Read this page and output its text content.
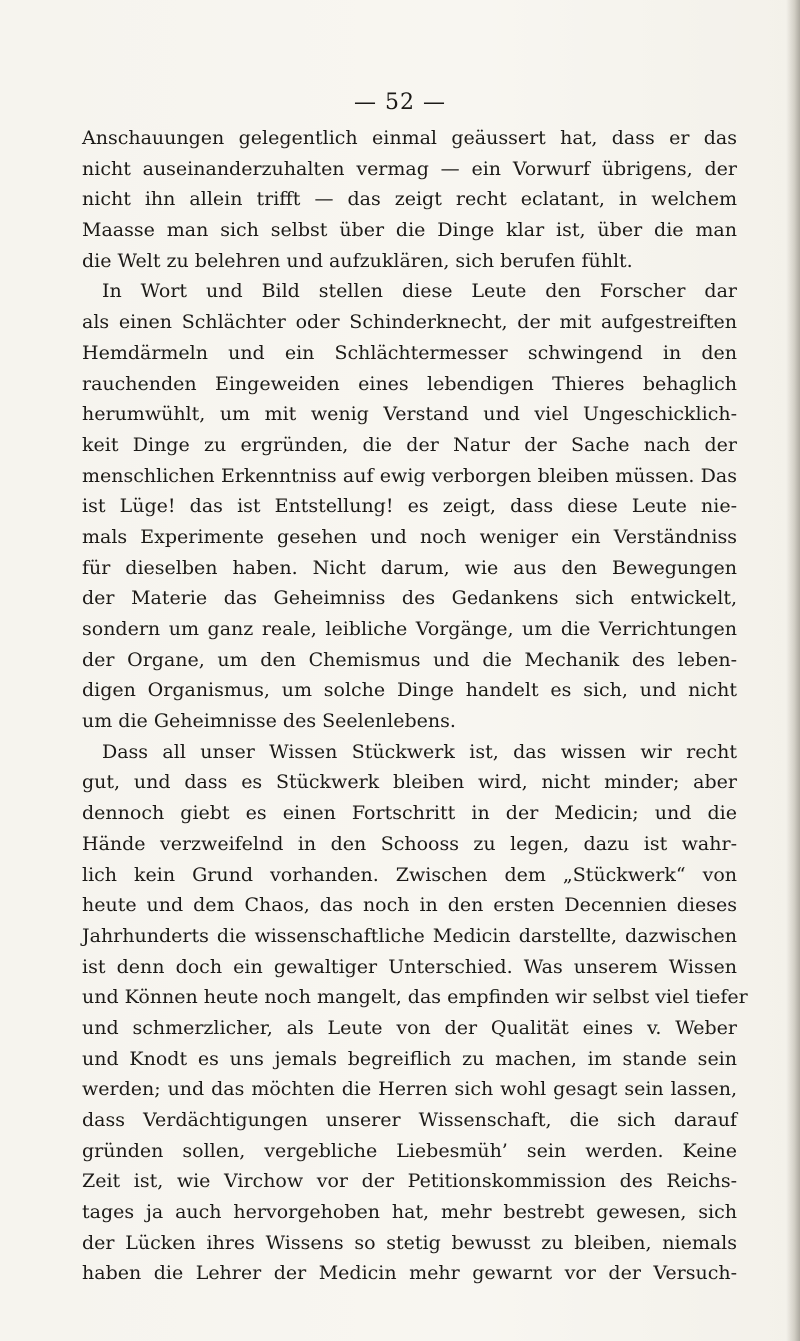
— 52 —
Anschauungen gelegentlich einmal geäussert hat, dass er das
nicht auseinanderzuhalten vermag — ein Vorwurf übrigens, der
nicht ihn allein trifft — das zeigt recht eclatant, in welchem
Maasse man sich selbst über die Dinge klar ist, über die man
die Welt zu belehren und aufzuklären, sich berufen fühlt.
In Wort und Bild stellen diese Leute den Forscher dar
als einen Schlächter oder Schinderknecht, der mit aufgestreiften
Hemdärmeln und ein Schlächtermesser schwingend in den
rauchenden Eingeweiden eines lebendigen Thieres behaglich
herumwühlt, um mit wenig Verstand und viel Ungeschicklich-
keit Dinge zu ergründen, die der Natur der Sache nach der
menschlichen Erkenntniss auf ewig verborgen bleiben müssen. Das
ist Lüge! das ist Entstellung! es zeigt, dass diese Leute nie-
mals Experimente gesehen und noch weniger ein Verständniss
für dieselben haben. Nicht darum, wie aus den Bewegungen
der Materie das Geheimniss des Gedankens sich entwickelt,
sondern um ganz reale, leibliche Vorgänge, um die Verrichtungen
der Organe, um den Chemismus und die Mechanik des leben-
digen Organismus, um solche Dinge handelt es sich, und nicht
um die Geheimnisse des Seelenlebens.
Dass all unser Wissen Stückwerk ist, das wissen wir recht
gut, und dass es Stückwerk bleiben wird, nicht minder; aber
dennoch giebt es einen Fortschritt in der Medicin; und die
Hände verzweifelnd in den Schooss zu legen, dazu ist wahr-
lich kein Grund vorhanden. Zwischen dem „Stückwerk“ von
heute und dem Chaos, das noch in den ersten Decennien dieses
Jahrhunderts die wissenschaftliche Medicin darstellte, dazwischen
ist denn doch ein gewaltiger Unterschied. Was unserem Wissen
und Können heute noch mangelt, das empfinden wir selbst viel tiefer
und schmerzlicher, als Leute von der Qualität eines v. Weber
und Knodt es uns jemals begreiflich zu machen, im stande sein
werden; und das möchten die Herren sich wohl gesagt sein lassen,
dass Verdächtigungen unserer Wissenschaft, die sich darauf
gründen sollen, vergebliche Liebesmüh’ sein werden. Keine
Zeit ist, wie Virchow vor der Petitionskommission des Reichs-
tages ja auch hervorgehoben hat, mehr bestrebt gewesen, sich
der Lücken ihres Wissens so stetig bewusst zu bleiben, niemals
haben die Lehrer der Medicin mehr gewarnt vor der Versuch-
